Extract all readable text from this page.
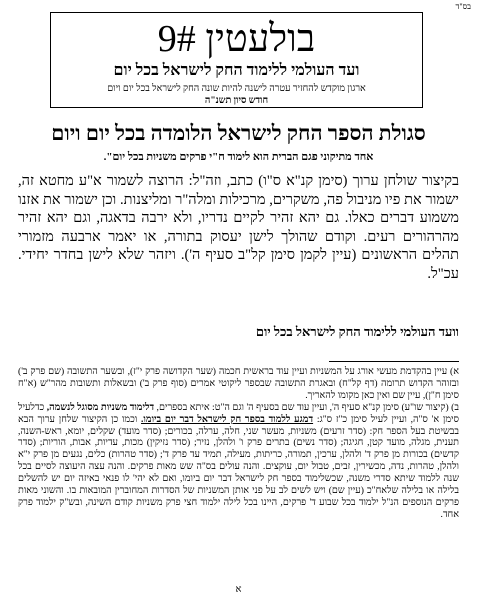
בס"ד
בולעטין 9#
ועד העולמי ללימוד החק לישראל בכל יום
ארגון מוקדש להחזיר עטרה לישנה להיות שונה החק לישראל בכל יום ויום
חודש סיון תשנ"ה
סגולת הספר החק לישראל הלומדה בכל יום ויום
אחד מתיקוני פגם הברית הוא לימוד ח"י פרקים משניות בכל יום".
בקיצור שולחן ערוך (סימן קנ"א ס"ו) כתב, וזה"ל: הרוצה לשמור א"ע מחטא זה, ישמור את פיו מניבול פה, משקרים, מרכילות ומלה"ר ומליצנות. וכן ישמור את אזנו משמוע דברים כאלו. גם יהא זהיר לקיים נדריו, ולא ירבה בדאגה, וגם יהא זהיר מהרהורים רעים. וקודם שהולך לישן יעסוק בתורה, או יאמר ארבעה מזמורי תהלים הראשונים (עיין לקמן סימן קל"ב סעיף ה'). ויזהר שלא לישן בחדר יחידי. עכ"ל.
וועד העולמי ללימוד החק לישראל בכל יום
א) עיין בהקדמת מעשי אורג על המשניות ועיין עוד בראשית חכמה (שער הקדושה פרק י"ז), ובשער התשובה (שם פרק ב') ובזוהר הקדוש תרומה (דף קל"ח) ובאגרת התשובה שבספר ליקוטי אמרים (סוף פרק ב') ובשאלות ותשובות מהר"ש (א"ח סימן ח"ן), עיין שם ואין כאן מקומו להאריך.
ב) (קיצור שו"ע) סימן קנ"א סעיף ה', ועיין עוד שם בסעיף ה' וגם ה"ט: איתא בספרים, דלימוד משניות מסוגל לנשמה, כדלעיל סימן א' ס"ה, ועיין לעיל סימן כ"ז ס"ג: דמגע ללמוד בספר חק לישראל דבר יום ביומו. וכמו כן הקיצור שלחן ערוך הבא בבשיטת בעל הספר חק: (סדר זרעים) משניות, מעשר שני, חלה, ערלה, בכורים; (סדר מועד) שקלים, יומא, ראש-השנה, תענית, מגלה, מועד קטן, חגיגה; (סדר נשים) בתרים פרק ו' ולהלן, נזיר; (סדר נזיקין) מכות, עדיות, אבות, הוריות; (סדר קדשים) בכורות מן פרק ד' ולהלן, ערכין, תמורה, כריתות, מעילה, תמיד עד פרק ד'; (סדר טהרות) כלים, נגעים מן פרק י"א ולהלן, טהרות, נדה, מכשירין, זבים, טבול יום, עוקצים. והנה עולים בס"ה שש מאות פרקים. והנה עצה היעוצה לסיים בכל שנה ללמוד שיתא סדרי משנה, שכשלימוד בספר חק לישראל דבר יום ביומו, ואם לא יהי' לו פנאי באיזה יום יש להשלים בלילה או בלילה שלאח"כ (עיין שם) ויש לשים לב על פני אותן המשניות של הסדרות המחוברין המובאות בו. והשוני מאות פרקים הנוספים הנ"ל ילמוד בכל שבוע ד' פרקים, היינו בכל לילה ילמוד חצי פרק משניות קודם השינה, ובש"ק ילמוד פרק אחד.
א
